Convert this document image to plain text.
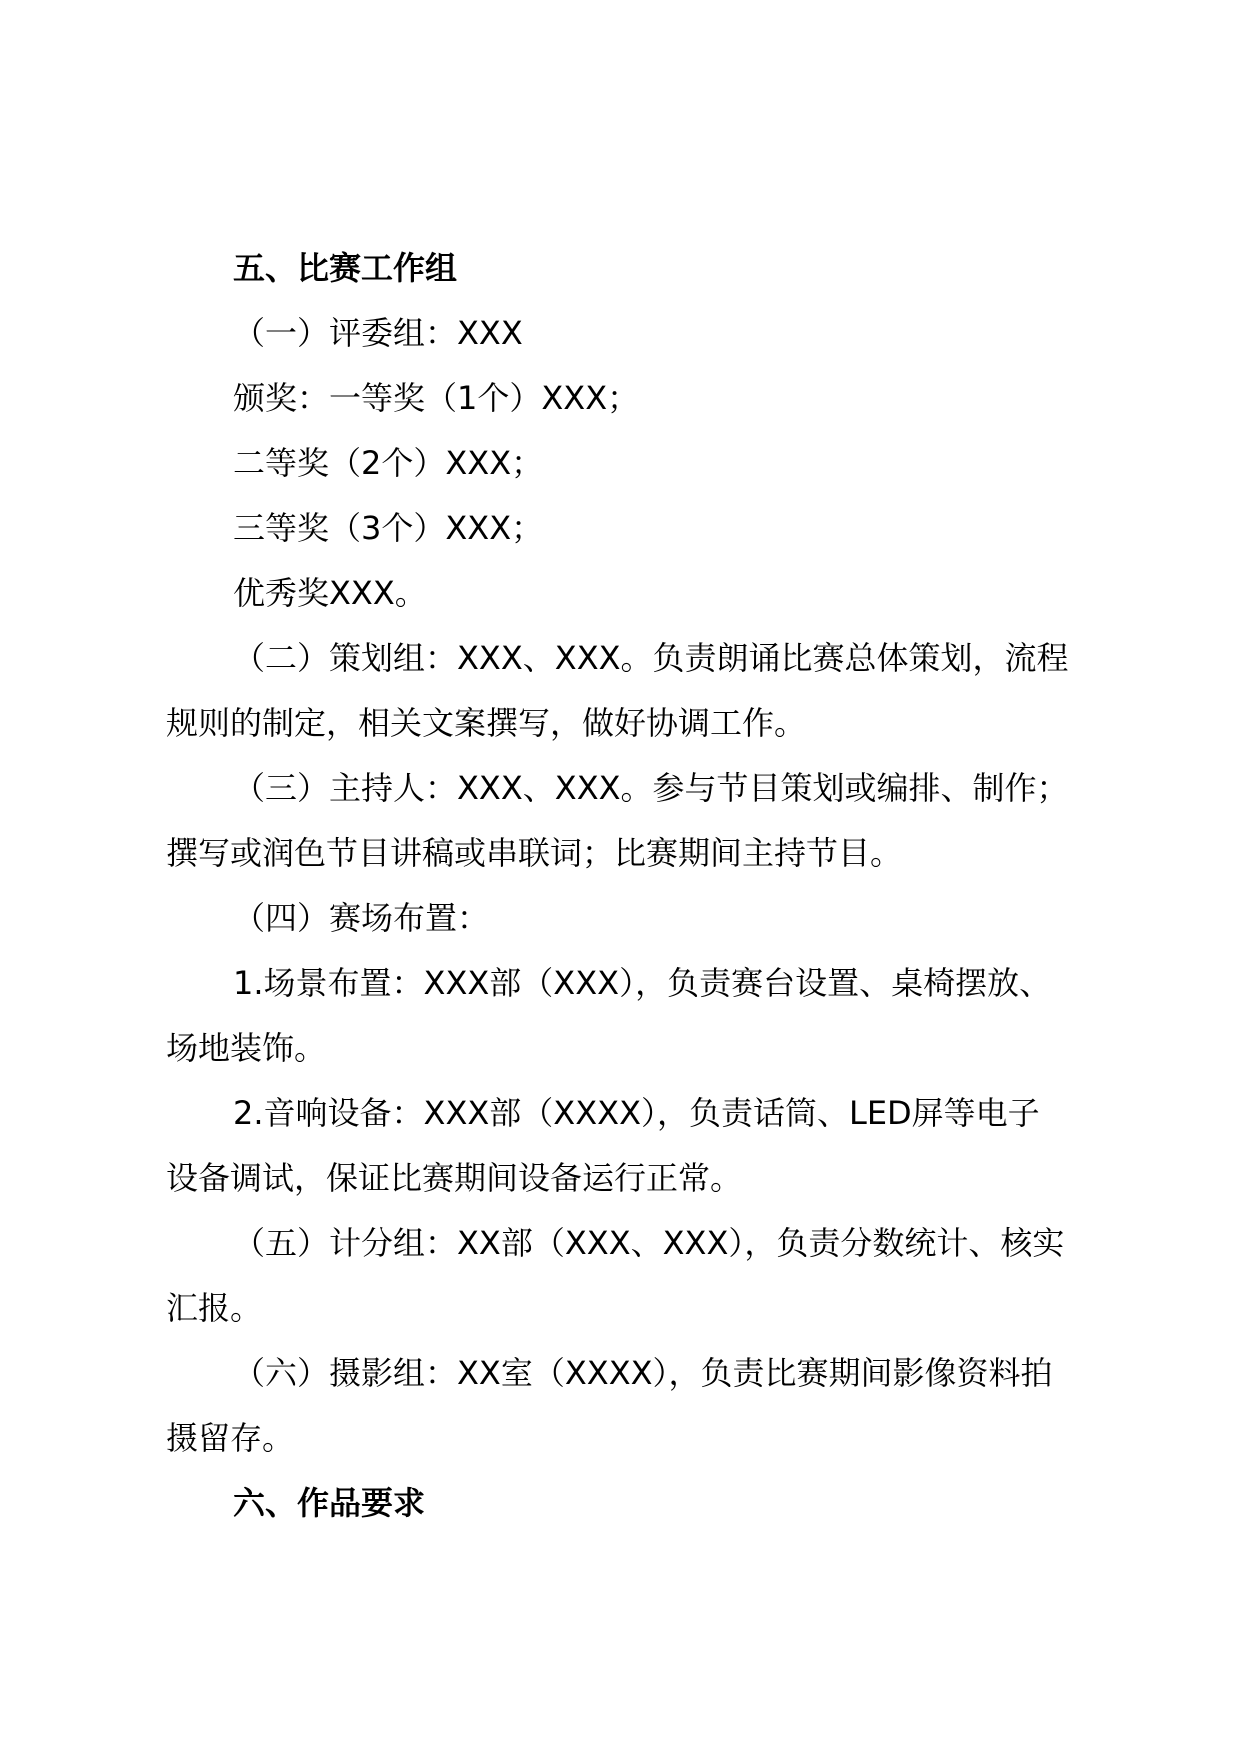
五、比赛工作组
（一）评委组：XXX
颁奖：一等奖（1个）XXX；
二等奖（2个）XXX；
三等奖（3个）XXX；
优秀奖XXX。
（二）策划组：XXX、XXX。负责朗诵比赛总体策划，流程
规则的制定，相关文案撰写，做好协调工作。
（三）主持人：XXX、XXX。参与节目策划或编排、制作；
撰写或润色节目讲稿或串联词；比赛期间主持节目。
（四）赛场布置：
1.场景布置：XXX部（XXX），负责赛台设置、桌椅摆放、
场地装饰。
2.音响设备：XXX部（XXXX），负责话筒、LED屏等电子
设备调试，保证比赛期间设备运行正常。
（五）计分组：XX部（XXX、XXX），负责分数统计、核实
汇报。
（六）摄影组：XX室（XXXX），负责比赛期间影像资料拍
摄留存。
六、作品要求
